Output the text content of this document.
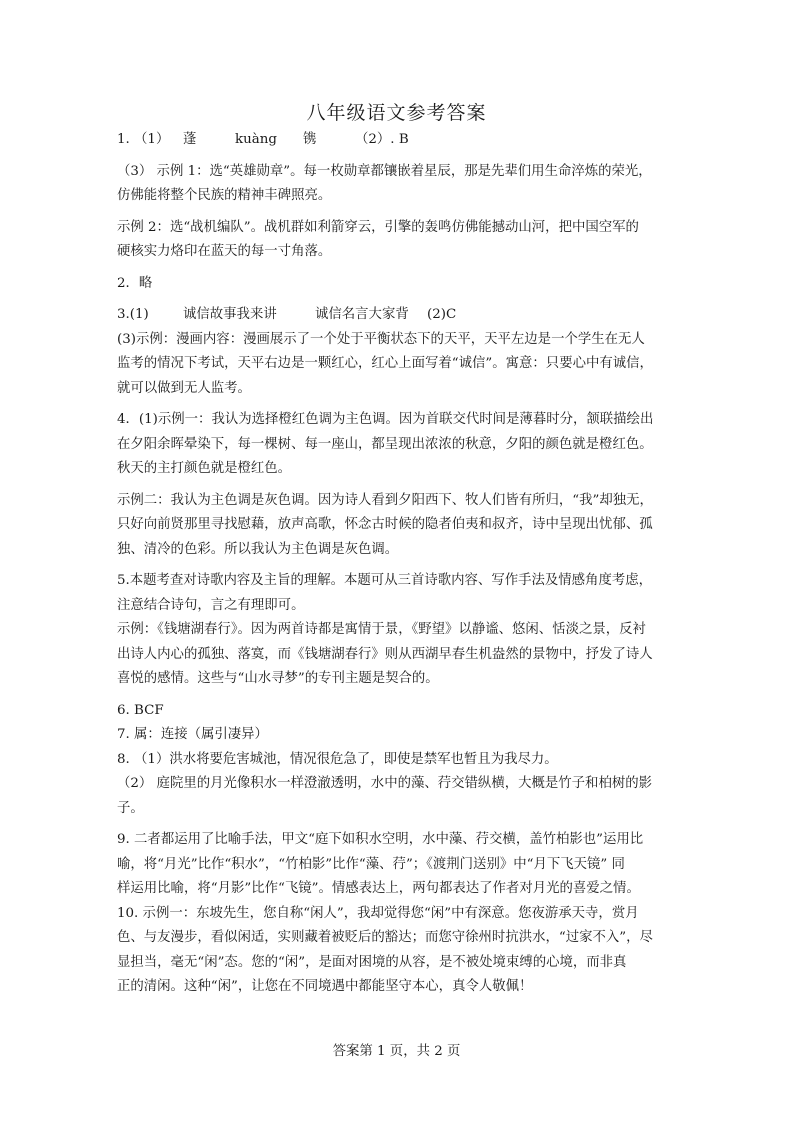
八年级语文参考答案
1. （1） 蓬	kuàng 镌	（2）. B
（3） 示例 1：选“英雄勋章”。每一枚勋章都镶嵌着星辰，那是先辈们用生命淬炼的荣光，
仿佛能将整个民族的精神丰碑照亮。
示例 2：选“战机编队”。战机群如利箭穿云，引擎的轰鸣仿佛能撼动山河，把中国空军的
硬核实力烙印在蓝天的每一寸角落。
2．略
3.(1)	诚信故事我来讲	诚信名言大家背 (2)C
(3)示例：漫画内容：漫画展示了一个处于平衡状态下的天平，天平左边是一个学生在无人
监考的情况下考试，天平右边是一颗红心，红心上面写着“诚信”。寓意：只要心中有诚信，
就可以做到无人监考。
4．(1)示例一：我认为选择橙红色调为主色调。因为首联交代时间是薄暮时分，颔联描绘出
在夕阳余晖晕染下，每一棵树、每一座山，都呈现出浓浓的秋意，夕阳的颜色就是橙红色。
秋天的主打颜色就是橙红色。
示例二：我认为主色调是灰色调。因为诗人看到夕阳西下、牧人们皆有所归，“我”却独无，
只好向前贤那里寻找慰藉，放声高歌，怀念古时候的隐者伯夷和叔齐，诗中呈现出忧郁、孤
独、清冷的色彩。所以我认为主色调是灰色调。
5.本题考查对诗歌内容及主旨的理解。本题可从三首诗歌内容、写作手法及情感角度考虑，
注意结合诗句，言之有理即可。
示例：《钱塘湖春行》。因为两首诗都是寓情于景，《野望》以静谧、悠闲、恬淡之景，反衬
出诗人内心的孤独、落寞，而《钱塘湖春行》则从西湖早春生机盎然的景物中，抒发了诗人
喜悦的感情。这些与“山水寻梦”的专刊主题是契合的。
6. BCF
7. 属：连接（属引凄异）
8. （1）洪水将要危害城池，情况很危急了，即使是禁军也暂且为我尽力。
（2） 庭院里的月光像积水一样澄澈透明，水中的藻、荇交错纵横，大概是竹子和柏树的影
子。
9. 二者都运用了比喻手法，甲文“庭下如积水空明，水中藻、荇交横，盖竹柏影也”运用比
喻，将“月光”比作“积水”，“竹柏影”比作“藻、荇”；《渡荆门送别》中“月下飞天镜” 同
样运用比喻，将“月影”比作“飞镜”。情感表达上，两句都表达了作者对月光的喜爱之情。
10. 示例一：东坡先生，您自称“闲人”，我却觉得您“闲”中有深意。您夜游承天寺，赏月
色、与友漫步，看似闲适，实则藏着被贬后的豁达；而您守徐州时抗洪水，“过家不入”，尽
显担当，毫无“闲”态。您的“闲”，是面对困境的从容，是不被处境束缚的心境，而非真
正的清闲。这种“闲”，让您在不同境遇中都能坚守本心，真令人敬佩！
答案第 1 页，共 2 页
